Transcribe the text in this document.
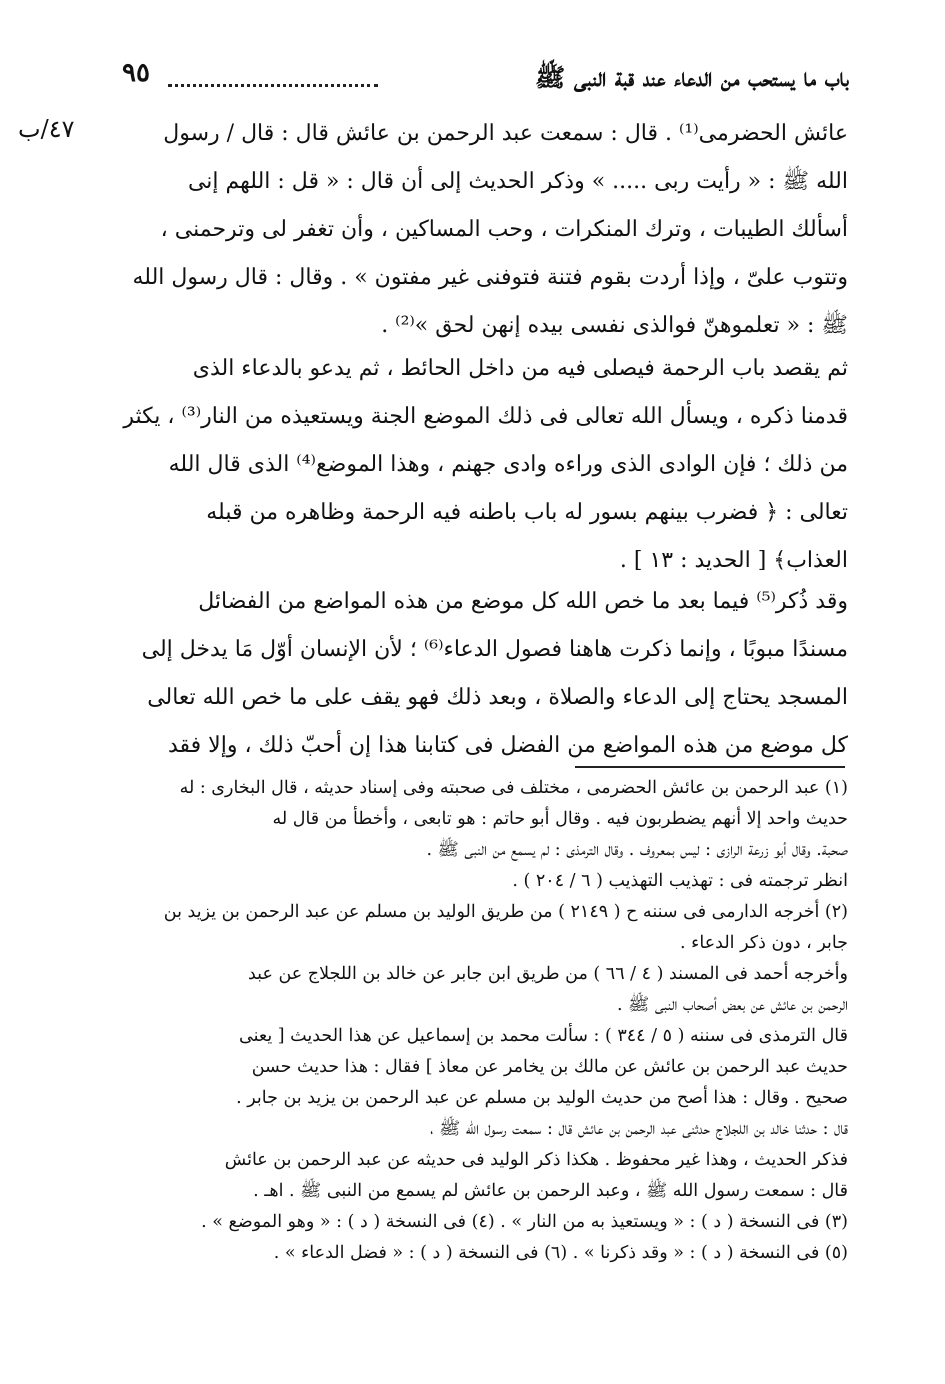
باب ما يستحب من الدعاء عند قبة النبى ﷺ
٩٥
٤٧/ب	عائش الحضرمى⁽¹⁾ . قال : سمعت عبد الرحمن بن عائش قال : قال / رسول
الله ﷺ : « رأيت ربى ..... » وذكر الحديث إلى أن قال : « قل : اللهم إنى
أسألك الطيبات ، وترك المنكرات ، وحب المساكين ، وأن تغفر لى وترحمنى ،
وتتوب علىّ ، وإذا أردت بقوم فتنة فتوفنى غير مفتون » . وقال : قال رسول الله
ﷺ : « تعلموهنّ فوالذى نفسى بيده إنهن لحق »⁽²⁾ .
ثم يقصد باب الرحمة فيصلى فيه من داخل الحائط ، ثم يدعو بالدعاء الذى
قدمنا ذكره ، ويسأل الله تعالى فى ذلك الموضع الجنة ويستعيذه من النار⁽³⁾ ، يكثر
من ذلك ؛ فإن الوادى الذى وراءه وادى جهنم ، وهذا الموضع⁽⁴⁾ الذى قال الله
تعالى : ﴿ فضرب بينهم بسور له باب باطنه فيه الرحمة وظاهره من قبله
العذاب﴾ [ الحديد : ١٣ ] .
وقد ذُكر⁽⁵⁾ فيما بعد ما خص الله كل موضع من هذه المواضع من الفضائل
مسندًا مبوبًا ، وإنما ذكرت هاهنا فصول الدعاء⁽⁶⁾ ؛ لأن الإنسان أوّل مَا يدخل إلى
المسجد يحتاج إلى الدعاء والصلاة ، وبعد ذلك فهو يقف على ما خص الله تعالى
كل موضع من هذه المواضع من الفضل فى كتابنا هذا إن أحبّ ذلك ، وإلا فقد
(١) عبد الرحمن بن عائش الحضرمى ، مختلف فى صحبته وفى إسناد حديثه ، قال البخارى : له
حديث واحد إلا أنهم يضطربون فيه . وقال أبو حاتم : هو تابعى ، وأخطأ من قال له
صحبة. وقال أبو زرعة الرازى : ليس بمعروف . وقال الترمذى : لم يسمع من النبى ﷺ .
انظر ترجمته فى : تهذيب التهذيب ( ٦ / ٢٠٤ ) .
(٢) أخرجه الدارمى فى سننه ح ( ٢١٤٩ ) من طريق الوليد بن مسلم عن عبد الرحمن بن يزيد بن
جابر ، دون ذكر الدعاء .
وأخرجه أحمد فى المسند ( ٤ / ٦٦ ) من طريق ابن جابر عن خالد بن اللجلاج عن عبد
الرحمن بن عائش عن بعض أصحاب النبى ﷺ .
قال الترمذى فى سننه ( ٥ / ٣٤٤ ) : سألت محمد بن إسماعيل عن هذا الحديث [ يعنى
حديث عبد الرحمن بن عائش عن مالك بن يخامر عن معاذ ] فقال : هذا حديث حسن
صحيح . وقال : هذا أصح من حديث الوليد بن مسلم عن عبد الرحمن بن يزيد بن جابر .
قال : حدثنا خالد بن اللجلاج حدثنى عبد الرحمن بن عائش قال : سمعت رسول الله ﷺ ،
فذكر الحديث ، وهذا غير محفوظ . هكذا ذكر الوليد فى حديثه عن عبد الرحمن بن عائش
قال : سمعت رسول الله ﷺ ، وعبد الرحمن بن عائش لم يسمع من النبى ﷺ . اهـ .
(٣) فى النسخة ( د ) : « ويستعيذ به من النار » . (٤) فى النسخة ( د ) : « وهو الموضع » .
(٥) فى النسخة ( د ) : « وقد ذكرنا » . (٦) فى النسخة ( د ) : « فضل الدعاء » .
